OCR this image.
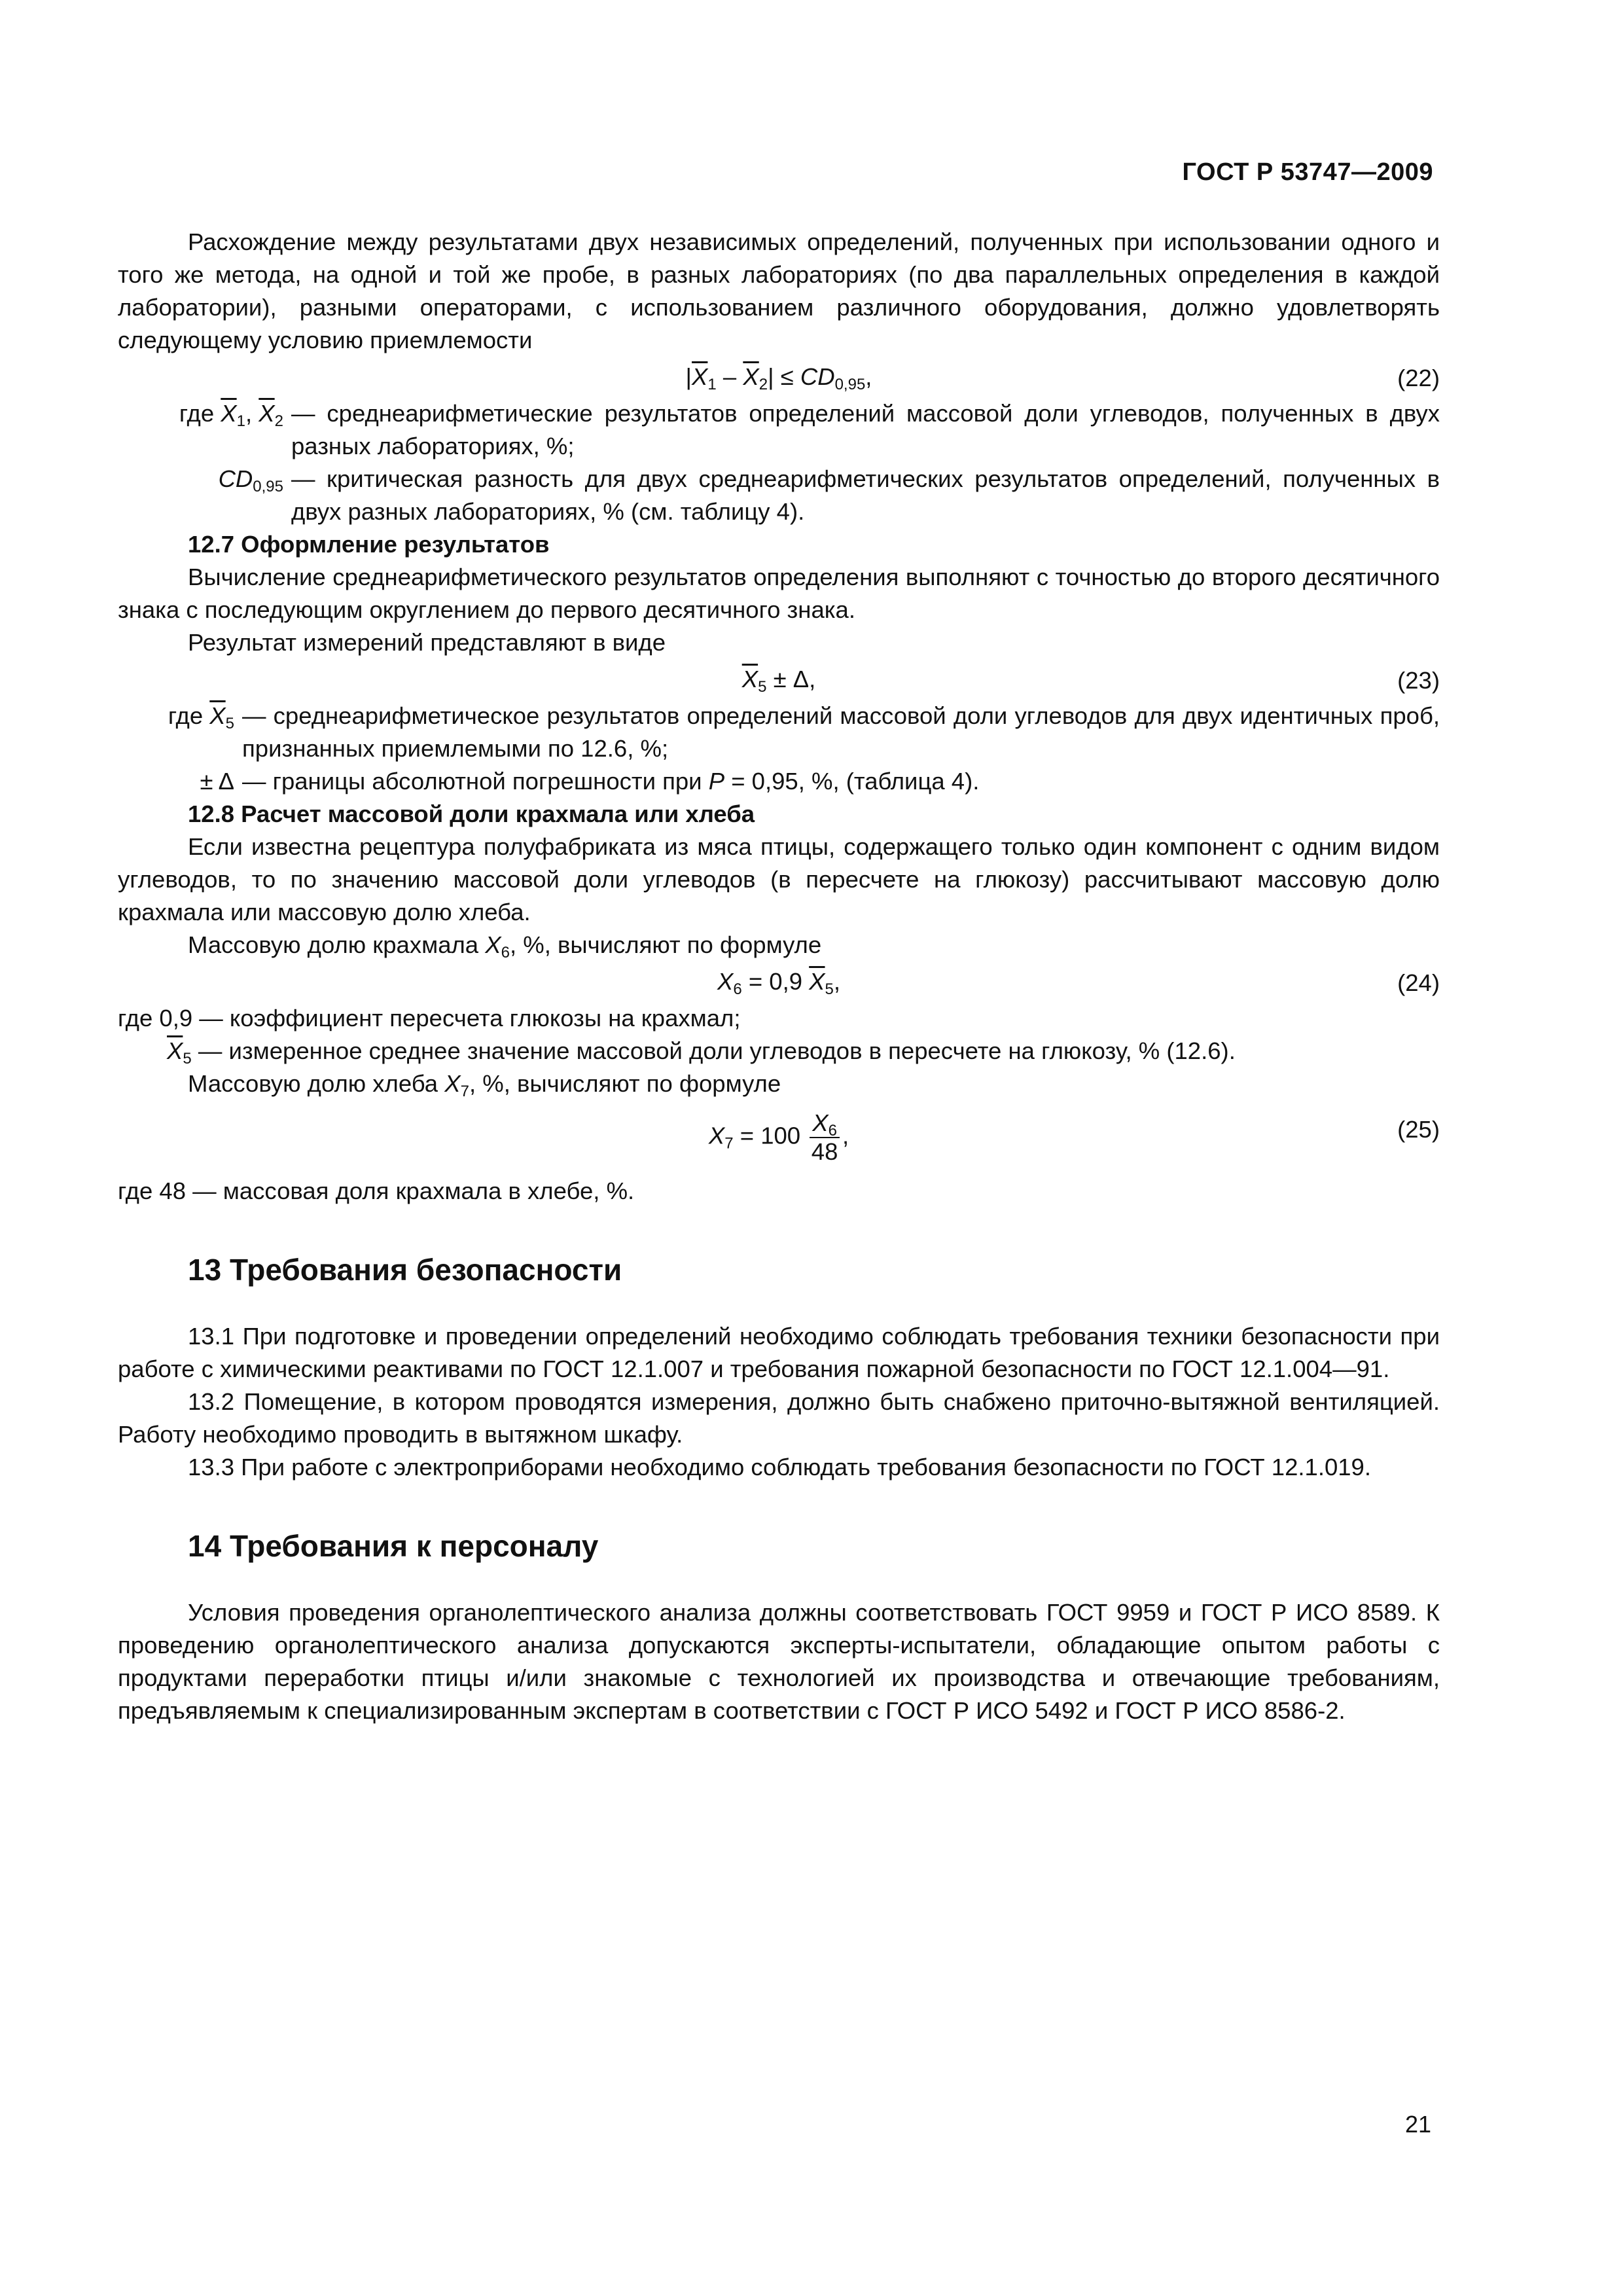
ГОСТ Р 53747—2009

Расхождение между результатами двух независимых определений, полученных при использовании одного и того же метода, на одной и той же пробе, в разных лабораториях (по два параллельных определения в каждой лаборатории), разными операторами, с использованием различного оборудования, должно удовлетворять следующему условию приемлемости

$|\overline{X}_1 - \overline{X}_2| \le CD_{0,95}$,	(22)
где $\overline{X}_1$, $\overline{X}_2$ — среднеарифметические результатов определений массовой доли углеводов, полученных в двух разных лабораториях, %;
$CD_{0,95}$ — критическая разность для двух среднеарифметических результатов определений, полученных в двух разных лабораториях, % (см. таблицу 4).

12.7 Оформление результатов

Вычисление среднеарифметического результатов определения выполняют с точностью до второго десятичного знака с последующим округлением до первого десятичного знака.

Результат измерений представляют в виде

$\overline{X}_5 \pm \Delta$,	(23)
где $\overline{X}_5$ — среднеарифметическое результатов определений массовой доли углеводов для двух идентичных проб, признанных приемлемыми по 12.6, %;
± Δ — границы абсолютной погрешности при P = 0,95, %, (таблица 4).

12.8 Расчет массовой доли крахмала или хлеба

Если известна рецептура полуфабриката из мяса птицы, содержащего только один компонент с одним видом углеводов, то по значению массовой доли углеводов (в пересчете на глюкозу) рассчитывают массовую долю крахмала или массовую долю хлеба.

Массовую долю крахмала $X_6$, %, вычисляют по формуле

$X_6 = 0,9$ $\overline{X}_5$,	(24)

где 0,9 — коэффициент пересчета глюкозы на крахмал;

$\overline{X}_5$ — измеренное среднее значение массовой доли углеводов в пересчете на глюкозу, % (12.6).

Массовую долю хлеба $X_7$, %, вычисляют по формуле

$X_7 = 100 \frac{X_6}{48}$ ,	(25)

где 48 — массовая доля крахмала в хлебе, %.

13 Требования безопасности

13.1 При подготовке и проведении определений необходимо соблюдать требования техники безопасности при работе с химическими реактивами по ГОСТ 12.1.007 и требования пожарной безопасности по ГОСТ 12.1.004—91.

13.2 Помещение, в котором проводятся измерения, должно быть снабжено приточно-вытяжной вентиляцией. Работу необходимо проводить в вытяжном шкафу.

13.3 При работе с электроприборами необходимо соблюдать требования безопасности по ГОСТ 12.1.019.

14 Требования к персоналу

Условия проведения органолептического анализа должны соответствовать ГОСТ 9959 и ГОСТ Р ИСО 8589. К проведению органолептического анализа допускаются эксперты-испытатели, обладающие опытом работы с продуктами переработки птицы и/или знакомые с технологией их производства и отвечающие требованиям, предъявляемым к специализированным экспертам в соответствии с ГОСТ Р ИСО 5492 и ГОСТ Р ИСО 8586-2.

21
